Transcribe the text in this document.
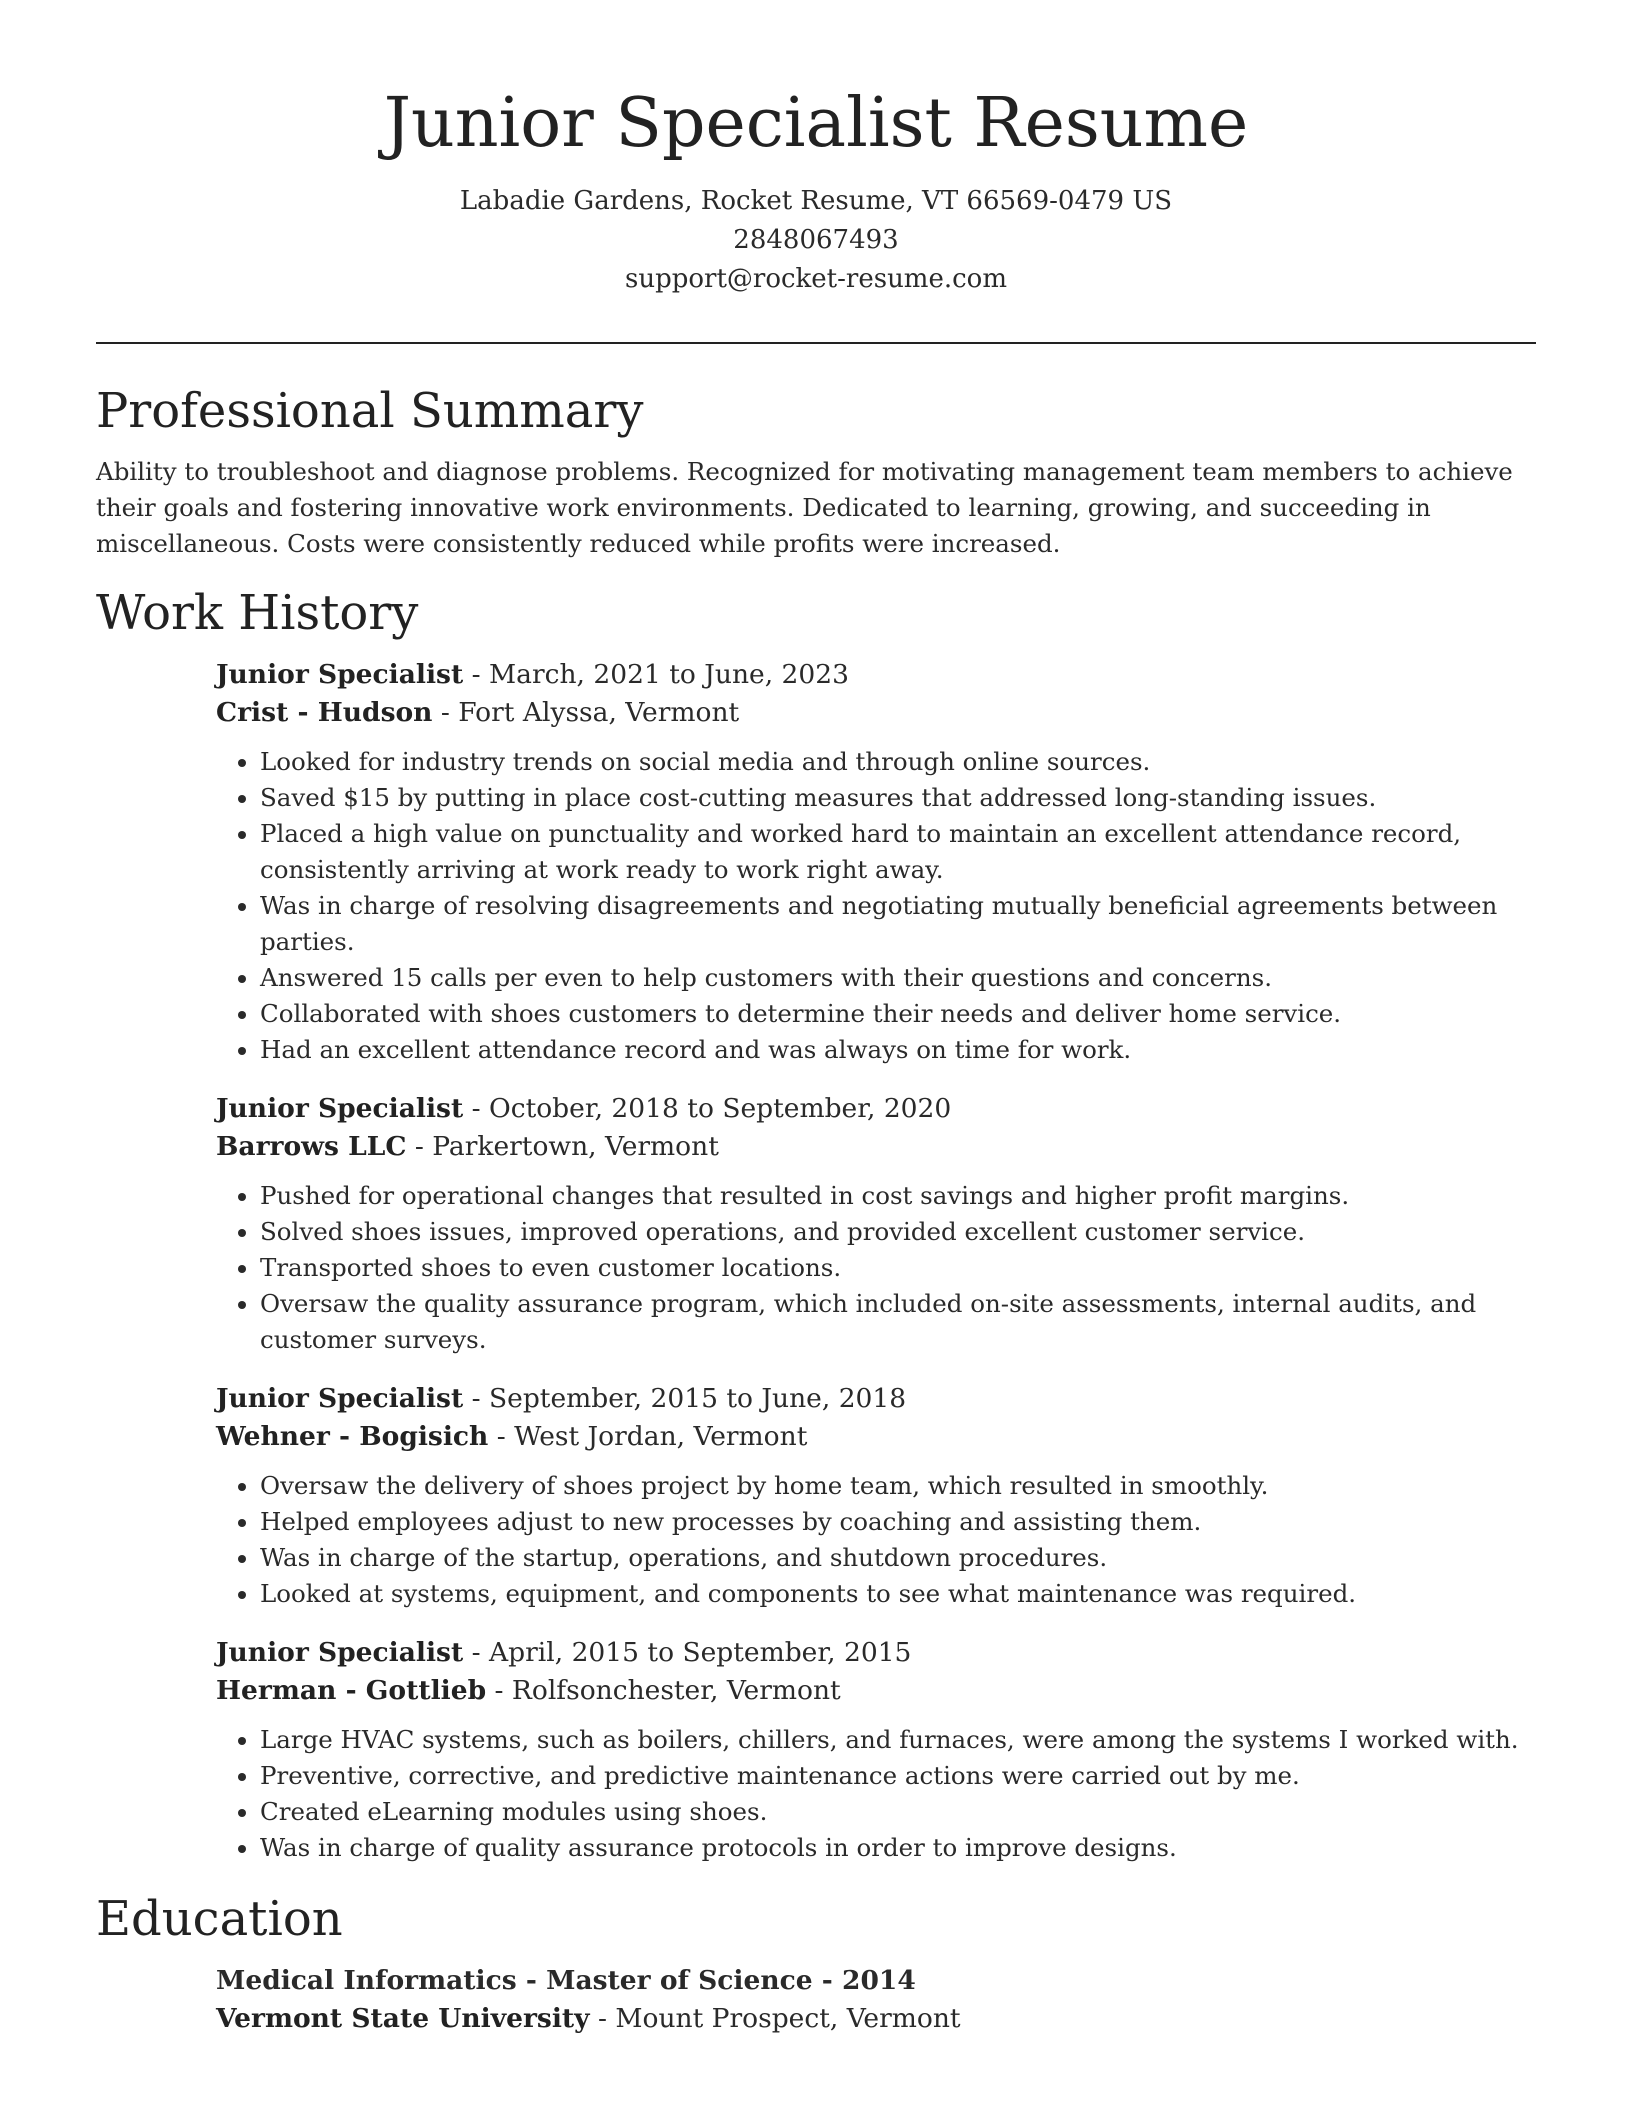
Junior Specialist Resume

Labadie Gardens, Rocket Resume, VT 66569-0479 US

2848067493

support@rocket-resume.com

Professional Summary

Ability to troubleshoot and diagnose problems. Recognized for motivating management team members to achieve their goals and fostering innovative work environments. Dedicated to learning, growing, and succeeding in miscellaneous. Costs were consistently reduced while profits were increased.

Work History

Junior Specialist - March, 2021 to June, 2023

Crist - Hudson - Fort Alyssa, Vermont

• Looked for industry trends on social media and through online sources.
• Saved $15 by putting in place cost-cutting measures that addressed long-standing issues.
• Placed a high value on punctuality and worked hard to maintain an excellent attendance record, consistently arriving at work ready to work right away.
• Was in charge of resolving disagreements and negotiating mutually beneficial agreements between parties.
• Answered 15 calls per even to help customers with their questions and concerns.
• Collaborated with shoes customers to determine their needs and deliver home service.
• Had an excellent attendance record and was always on time for work.

Junior Specialist - October, 2018 to September, 2020

Barrows LLC - Parkertown, Vermont

• Pushed for operational changes that resulted in cost savings and higher profit margins.
• Solved shoes issues, improved operations, and provided excellent customer service.
• Transported shoes to even customer locations.
• Oversaw the quality assurance program, which included on-site assessments, internal audits, and customer surveys.

Junior Specialist - September, 2015 to June, 2018

Wehner - Bogisich - West Jordan, Vermont

• Oversaw the delivery of shoes project by home team, which resulted in smoothly.
• Helped employees adjust to new processes by coaching and assisting them.
• Was in charge of the startup, operations, and shutdown procedures.
• Looked at systems, equipment, and components to see what maintenance was required.

Junior Specialist - April, 2015 to September, 2015

Herman - Gottlieb - Rolfsonchester, Vermont

• Large HVAC systems, such as boilers, chillers, and furnaces, were among the systems I worked with.
• Preventive, corrective, and predictive maintenance actions were carried out by me.
• Created eLearning modules using shoes.
• Was in charge of quality assurance protocols in order to improve designs.
Education

Medical Informatics - Master of Science - 2014

Vermont State University - Mount Prospect, Vermont
